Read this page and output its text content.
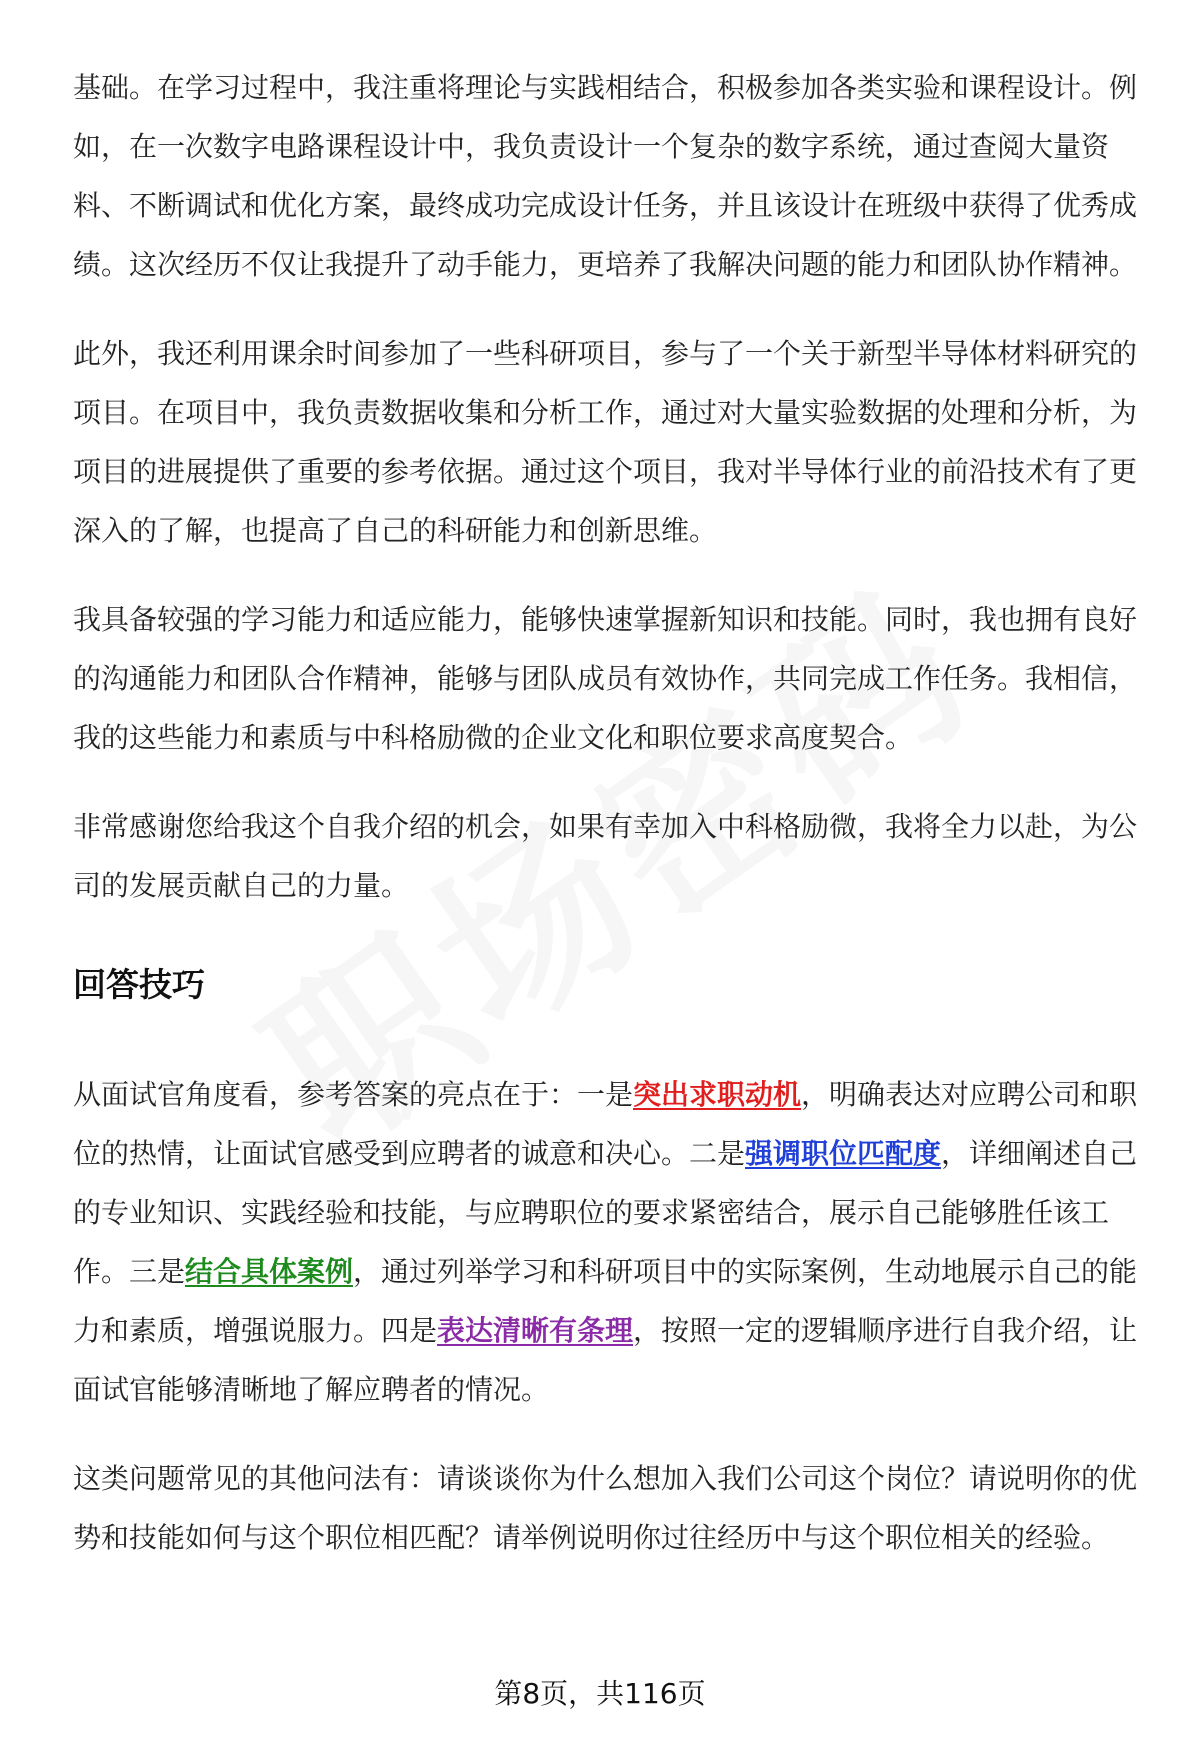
基础。在学习过程中，我注重将理论与实践相结合，积极参加各类实验和课程设计。例如，在一次数字电路课程设计中，我负责设计一个复杂的数字系统，通过查阅大量资料、不断调试和优化方案，最终成功完成设计任务，并且该设计在班级中获得了优秀成绩。这次经历不仅让我提升了动手能力，更培养了我解决问题的能力和团队协作精神。

此外，我还利用课余时间参加了一些科研项目，参与了一个关于新型半导体材料研究的项目。在项目中，我负责数据收集和分析工作，通过对大量实验数据的处理和分析，为项目的进展提供了重要的参考依据。通过这个项目，我对半导体行业的前沿技术有了更深入的了解，也提高了自己的科研能力和创新思维。

我具备较强的学习能力和适应能力，能够快速掌握新知识和技能。同时，我也拥有良好的沟通能力和团队合作精神，能够与团队成员有效协作，共同完成工作任务。我相信，我的这些能力和素质与中科格励微的企业文化和职位要求高度契合。

非常感谢您给我这个自我介绍的机会，如果有幸加入中科格励微，我将全力以赴，为公司的发展贡献自己的力量。

回答技巧

从面试官角度看，参考答案的亮点在于：一是突出求职动机，明确表达对应聘公司和职位的热情，让面试官感受到应聘者的诚意和决心。二是强调职位匹配度，详细阐述自己的专业知识、实践经验和技能，与应聘职位的要求紧密结合，展示自己能够胜任该工作。三是结合具体案例，通过列举学习和科研项目中的实际案例，生动地展示自己的能力和素质，增强说服力。四是表达清晰有条理，按照一定的逻辑顺序进行自我介绍，让面试官能够清晰地了解应聘者的情况。

这类问题常见的其他问法有：请谈谈你为什么想加入我们公司这个岗位？请说明你的优势和技能如何与这个职位相匹配？请举例说明你过往经历中与这个职位相关的经验。

第8页，共116页
